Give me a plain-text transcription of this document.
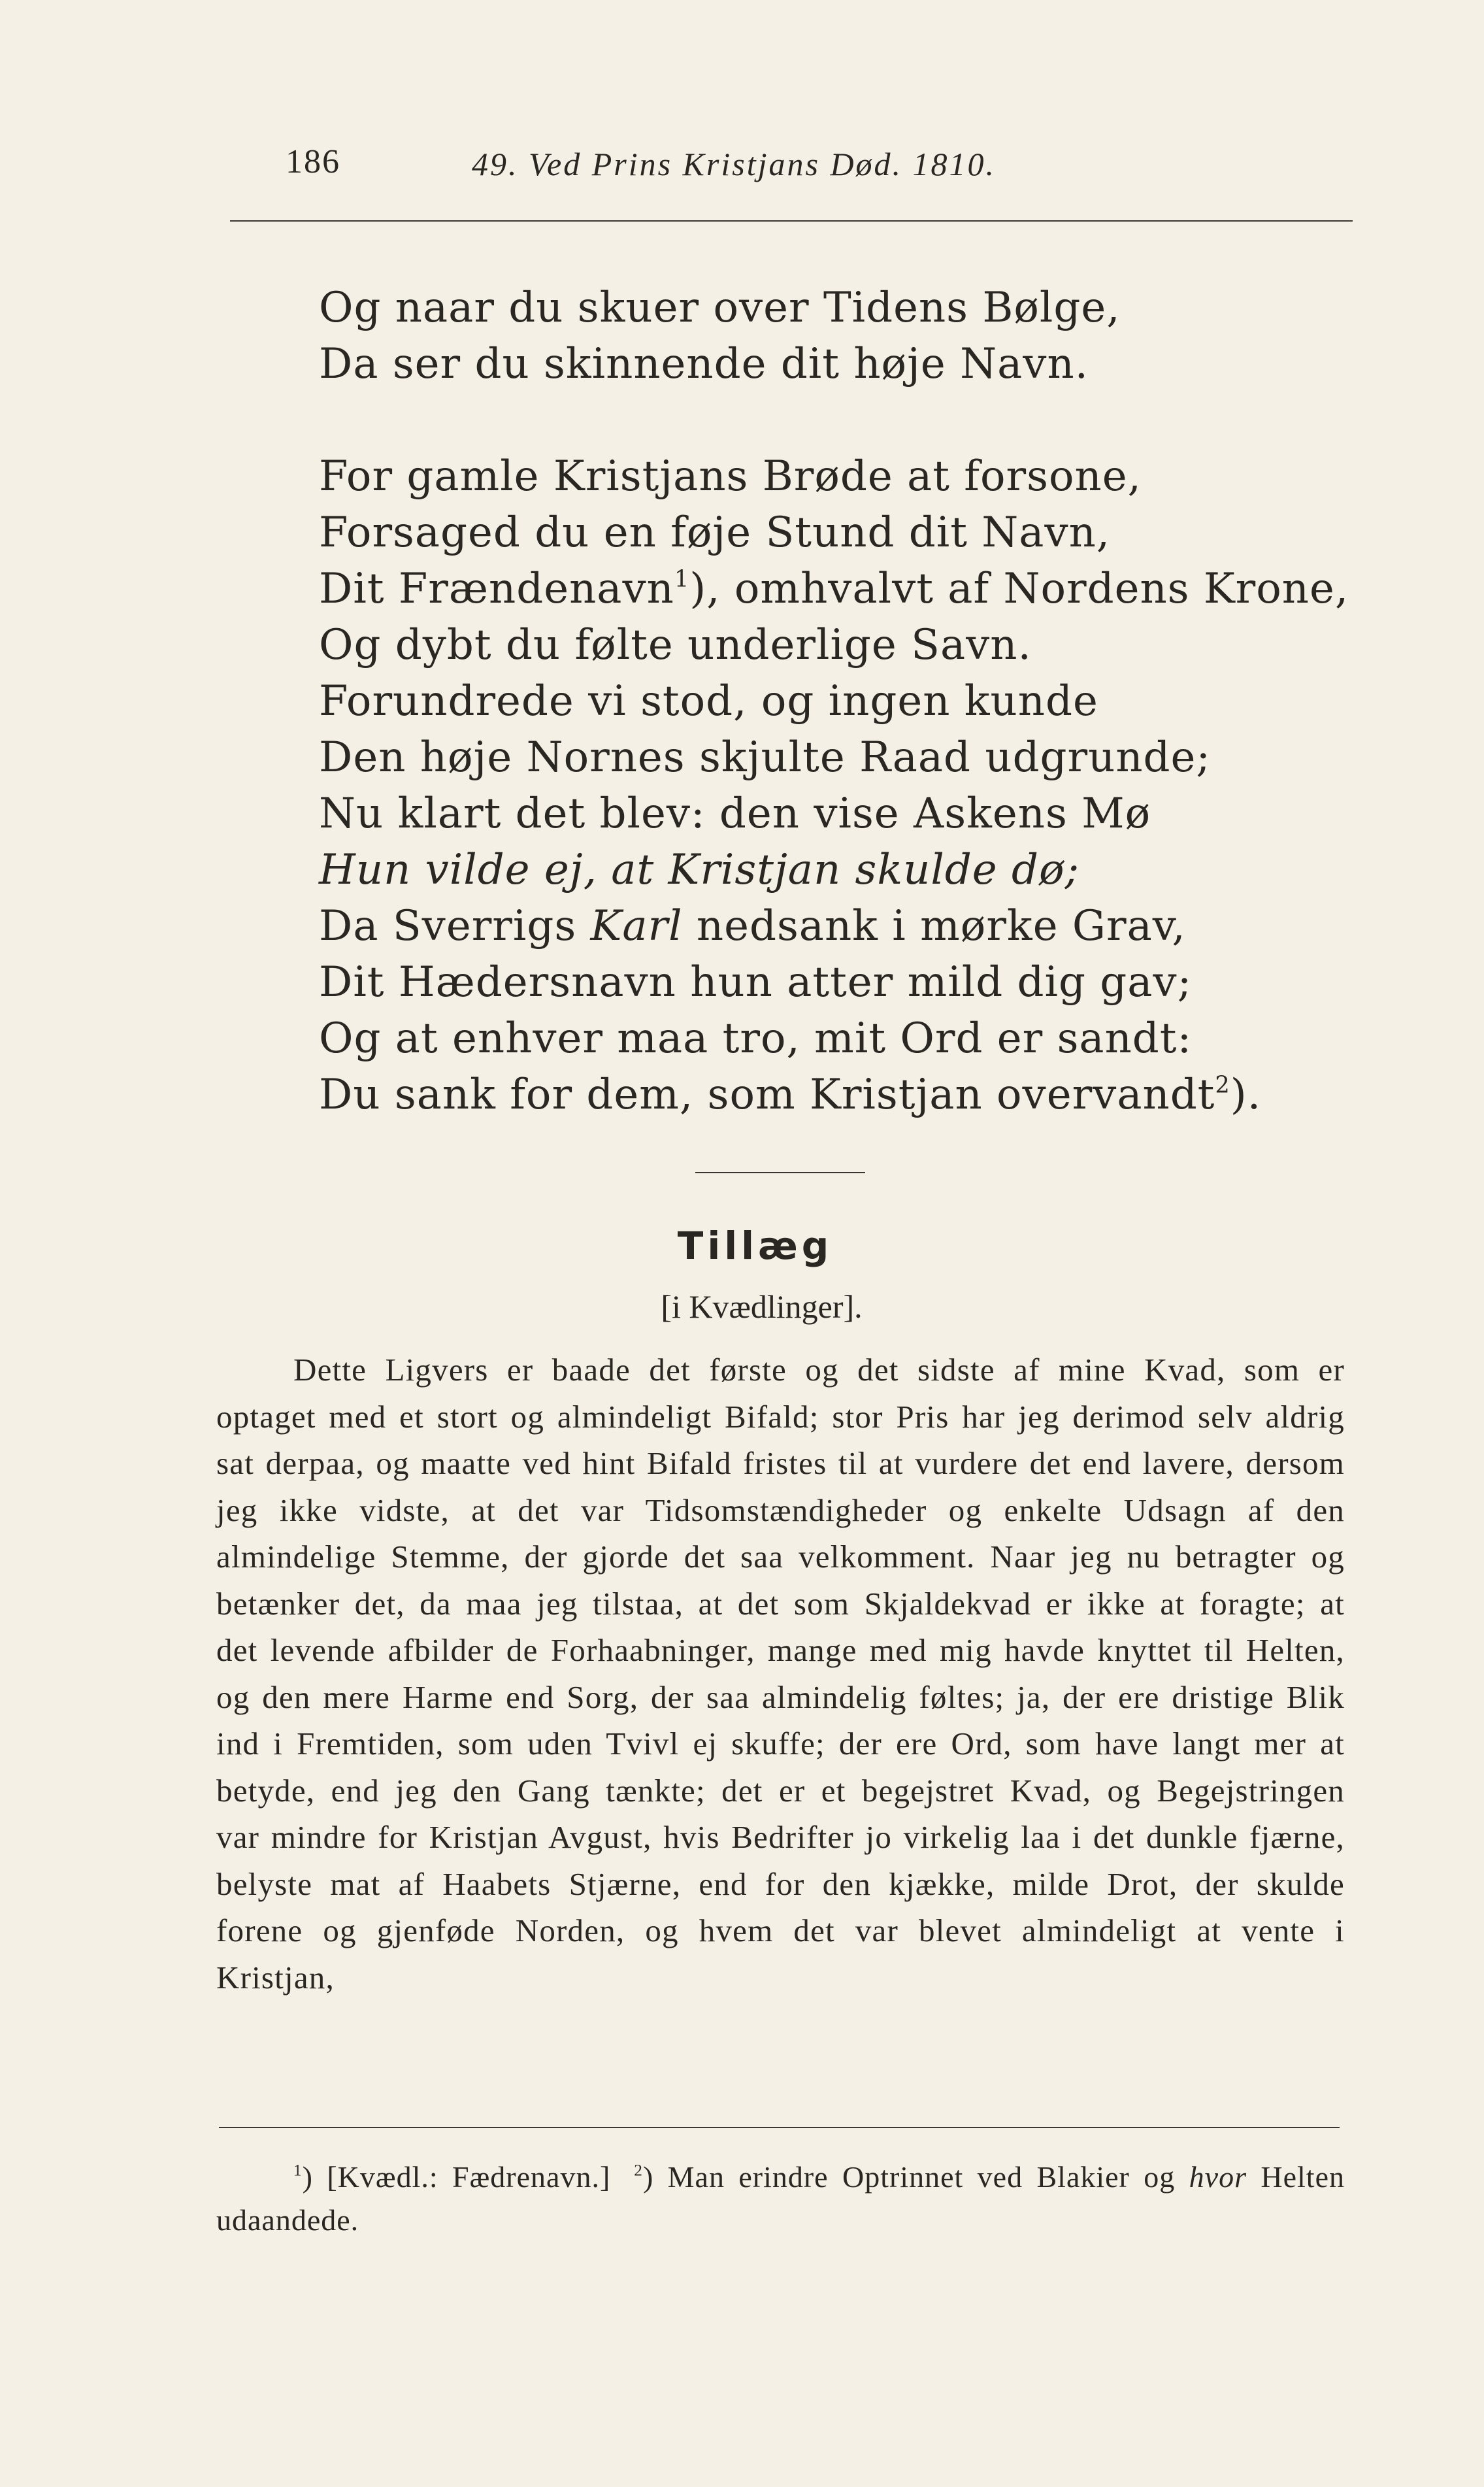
186	49. Ved Prins Kristjans Død. 1810.
Og naar du skuer over Tidens Bølge,
Da ser du skinnende dit høje Navn.
For gamle Kristjans Brøde at forsone,
Forsaged du en føje Stund dit Navn,
Dit Frændenavn$^1$), omhvalvt af Nordens Krone,
Og dybt du følte underlige Savn.
Forundrede vi stod, og ingen kunde
Den høje Nornes skjulte Raad udgrunde;
Nu klart det blev: den vise Askens Mø
Hun vilde ej, at Kristjan skulde dø;
Da Sverrigs Karl nedsank i mørke Grav,
Dit Hædersnavn hun atter mild dig gav;
Og at enhver maa tro, mit Ord er sandt:
Du sank for dem, som Kristjan overvandt$^2$).
Tillæg
[i Kvædlinger].
Dette Ligvers er baade det første og det sidste af mine Kvad, som er optaget med et stort og almindeligt Bifald; stor Pris har jeg derimod selv aldrig sat derpaa, og maatte ved hint Bifald fristes til at vurdere det end lavere, dersom jeg ikke vidste, at det var Tidsomstændigheder og enkelte Udsagn af den almindelige Stemme, der gjorde det saa velkomment. Naar jeg nu betragter og betænker det, da maa jeg tilstaa, at det som Skjaldekvad er ikke at foragte; at det levende afbilder de Forhaabninger, mange med mig havde knyttet til Helten, og den mere Harme end Sorg, der saa almindelig føltes; ja, der ere dristige Blik ind i Fremtiden, som uden Tvivl ej skuffe; der ere Ord, som have langt mer at betyde, end jeg den Gang tænkte; det er et begejstret Kvad, og Begejstringen var mindre for Kristjan Avgust, hvis Bedrifter jo virkelig laa i det dunkle fjærne, belyste mat af Haabets Stjærne, end for den kjække, milde Drot, der skulde forene og gjenføde Norden, og hvem det var blevet almindeligt at vente i Kristjan,
$^1$) [Kvædl.: Fædrenavn.] $^2$) Man erindre Optrinnet ved Blakier og hvor Helten udaandede.
